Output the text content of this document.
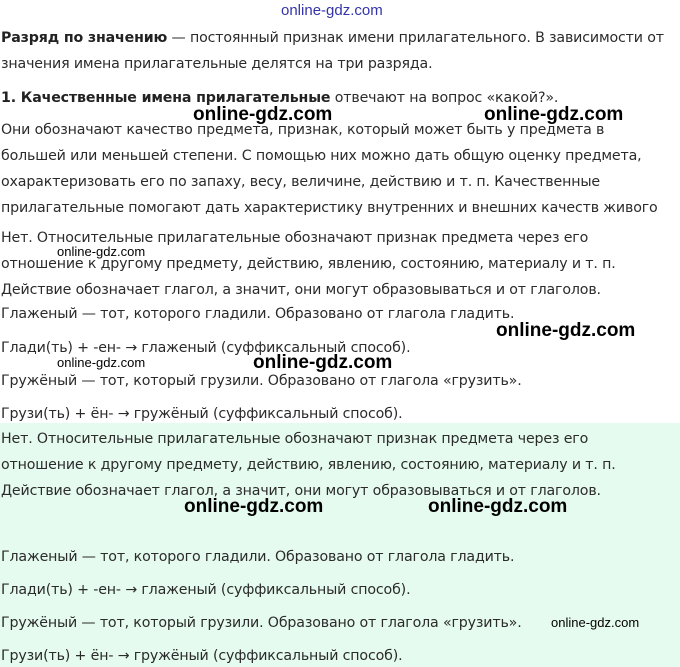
online-gdz.com
Разряд по значению — постоянный признак имени прилагательного. В зависимости от
значения имена прилагательные делятся на три разряда.
1. Качественные имена прилагательные отвечают на вопрос «какой?».
Они обозначают качество предмета, признак, который может быть у предмета в
большей или меньшей степени. С помощью них можно дать общую оценку предмета,
охарактеризовать его по запаху, весу, величине, действию и т. п. Качественные
прилагательные помогают дать характеристику внутренних и внешних качеств живого
Нет. Относительные прилагательные обозначают признак предмета через его
отношение к другому предмету, действию, явлению, состоянию, материалу и т. п.
Действие обозначает глагол, а значит, они могут образовываться и от глаголов.
Глаженый — тот, которого гладили. Образовано от глагола гладить.
Глади(ть) + -ен- → глаженый (суффиксальный способ).
Гружёный — тот, который грузили. Образовано от глагола «грузить».
Грузи(ть) + ён- → гружёный (суффиксальный способ).
Нет. Относительные прилагательные обозначают признак предмета через его
отношение к другому предмету, действию, явлению, состоянию, материалу и т. п.
Действие обозначает глагол, а значит, они могут образовываться и от глаголов.
Глаженый — тот, которого гладили. Образовано от глагола гладить.
Глади(ть) + -ен- → глаженый (суффиксальный способ).
Гружёный — тот, который грузили. Образовано от глагола «грузить».
Грузи(ть) + ён- → гружёный (суффиксальный способ).
online-gdz.com	online-gdz.com
online-gdz.com
online-gdz.com
online-gdz.com
online-gdz.com
online-gdz.com	online-gdz.com
online-gdz.com
